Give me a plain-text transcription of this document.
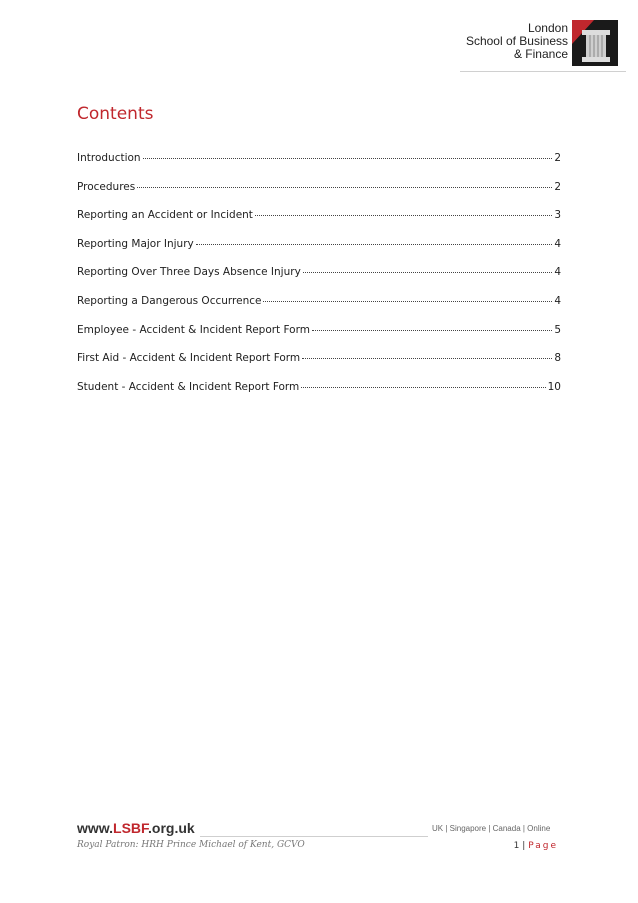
London
School of Business
& Finance
Contents
Introduction	2
Procedures	2
Reporting an Accident or Incident	3
Reporting Major Injury	4
Reporting Over Three Days Absence Injury	4
Reporting a Dangerous Occurrence	4
Employee - Accident & Incident Report Form	5
First Aid - Accident & Incident Report Form	8
Student - Accident & Incident Report Form	10
www.LSBF.org.uk	UK | Singapore | Canada | Online
Royal Patron: HRH Prince Michael of Kent, GCVO	1 | Page
